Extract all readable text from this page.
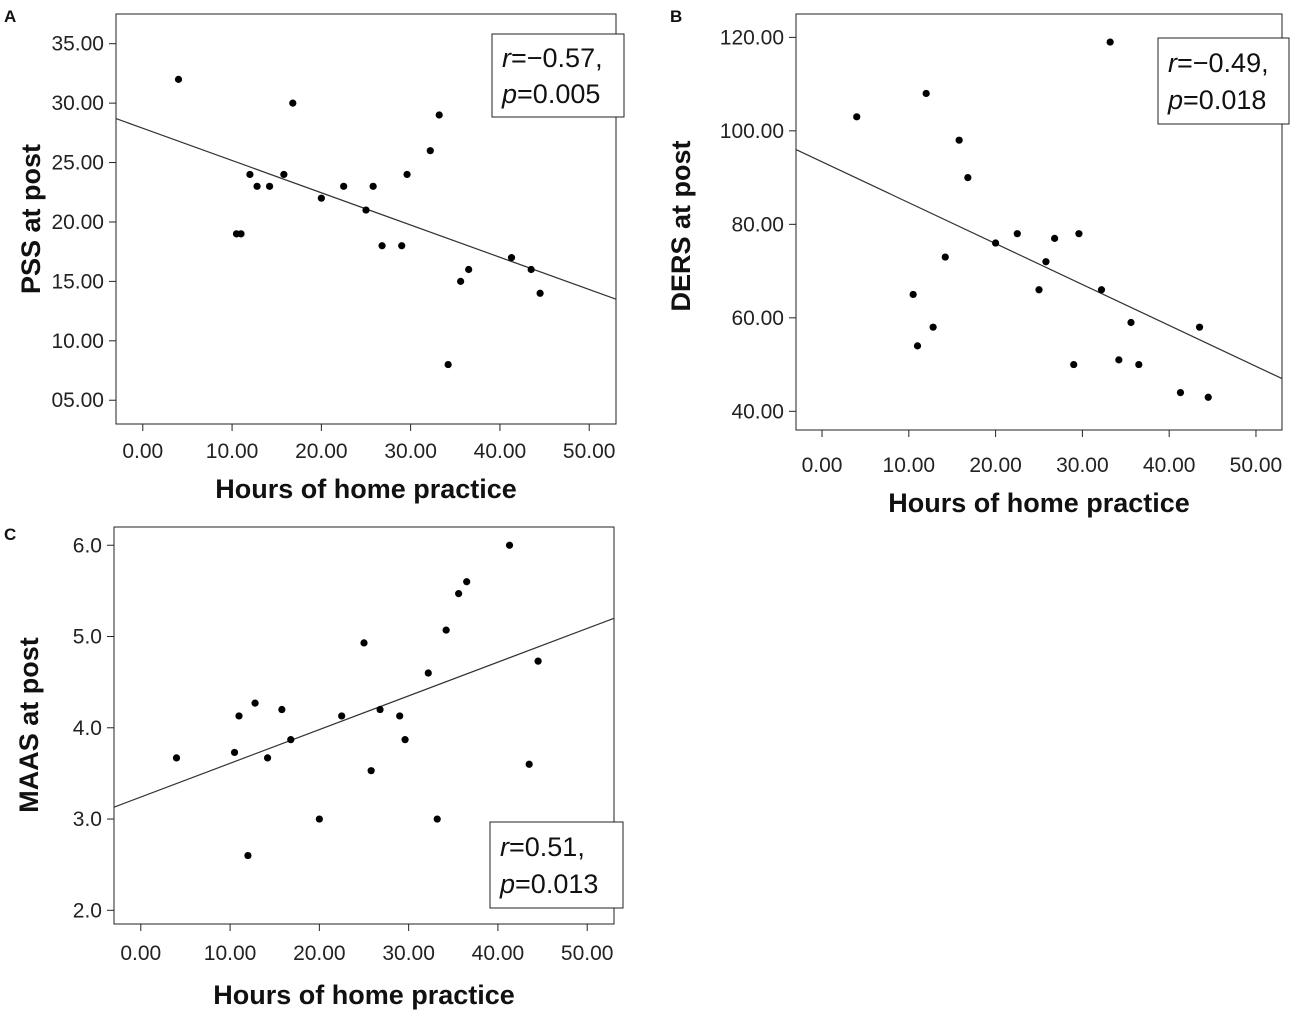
A
0.00 10.00 20.00 30.00 40.00 50.00
05.00
10.00
15.00
20.00
25.00
30.00
35.00	r=−0.57,
p=0.005
Hours of home practice
PSS at post
B
0.00 10.00 20.00 30.00 40.00 50.00
40.00
60.00
80.00
100.00
120.00
r=−0.49,
p=0.018
Hours of home practice
DERS at post
C
0.00 10.00 20.00 30.00 40.00 50.00
2.0
3.0
4.0
5.0
6.0
r=0.51,
p=0.013
Hours of home practice
MAAS at post
